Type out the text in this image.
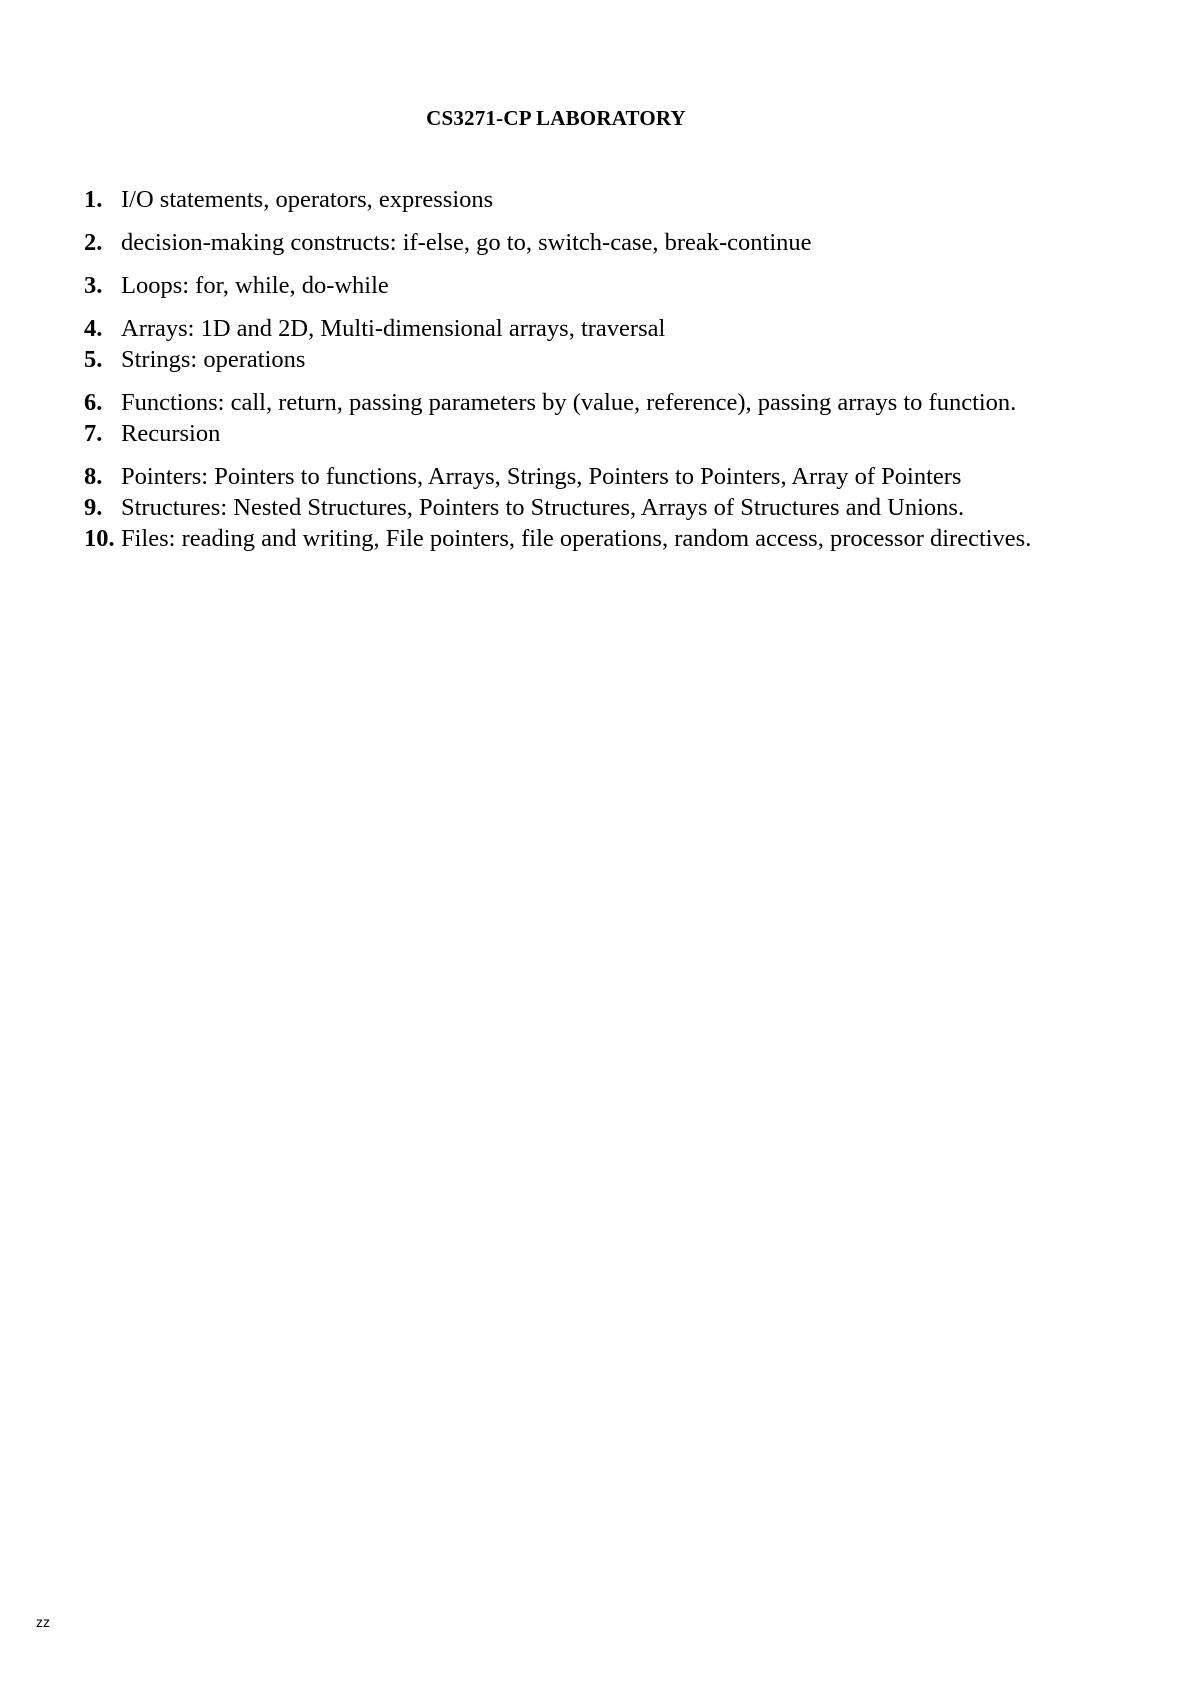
CS3271-CP LABORATORY
1. I/O statements, operators, expressions
2. decision-making constructs: if-else, go to, switch-case, break-continue
3. Loops: for, while, do-while
4. Arrays: 1D and 2D, Multi-dimensional arrays, traversal
5. Strings: operations
6. Functions: call, return, passing parameters by (value, reference), passing arrays to function.
7. Recursion
8. Pointers: Pointers to functions, Arrays, Strings, Pointers to Pointers, Array of Pointers
9. Structures: Nested Structures, Pointers to Structures, Arrays of Structures and Unions.
10. Files: reading and writing, File pointers, file operations, random access, processor directives.
zz
